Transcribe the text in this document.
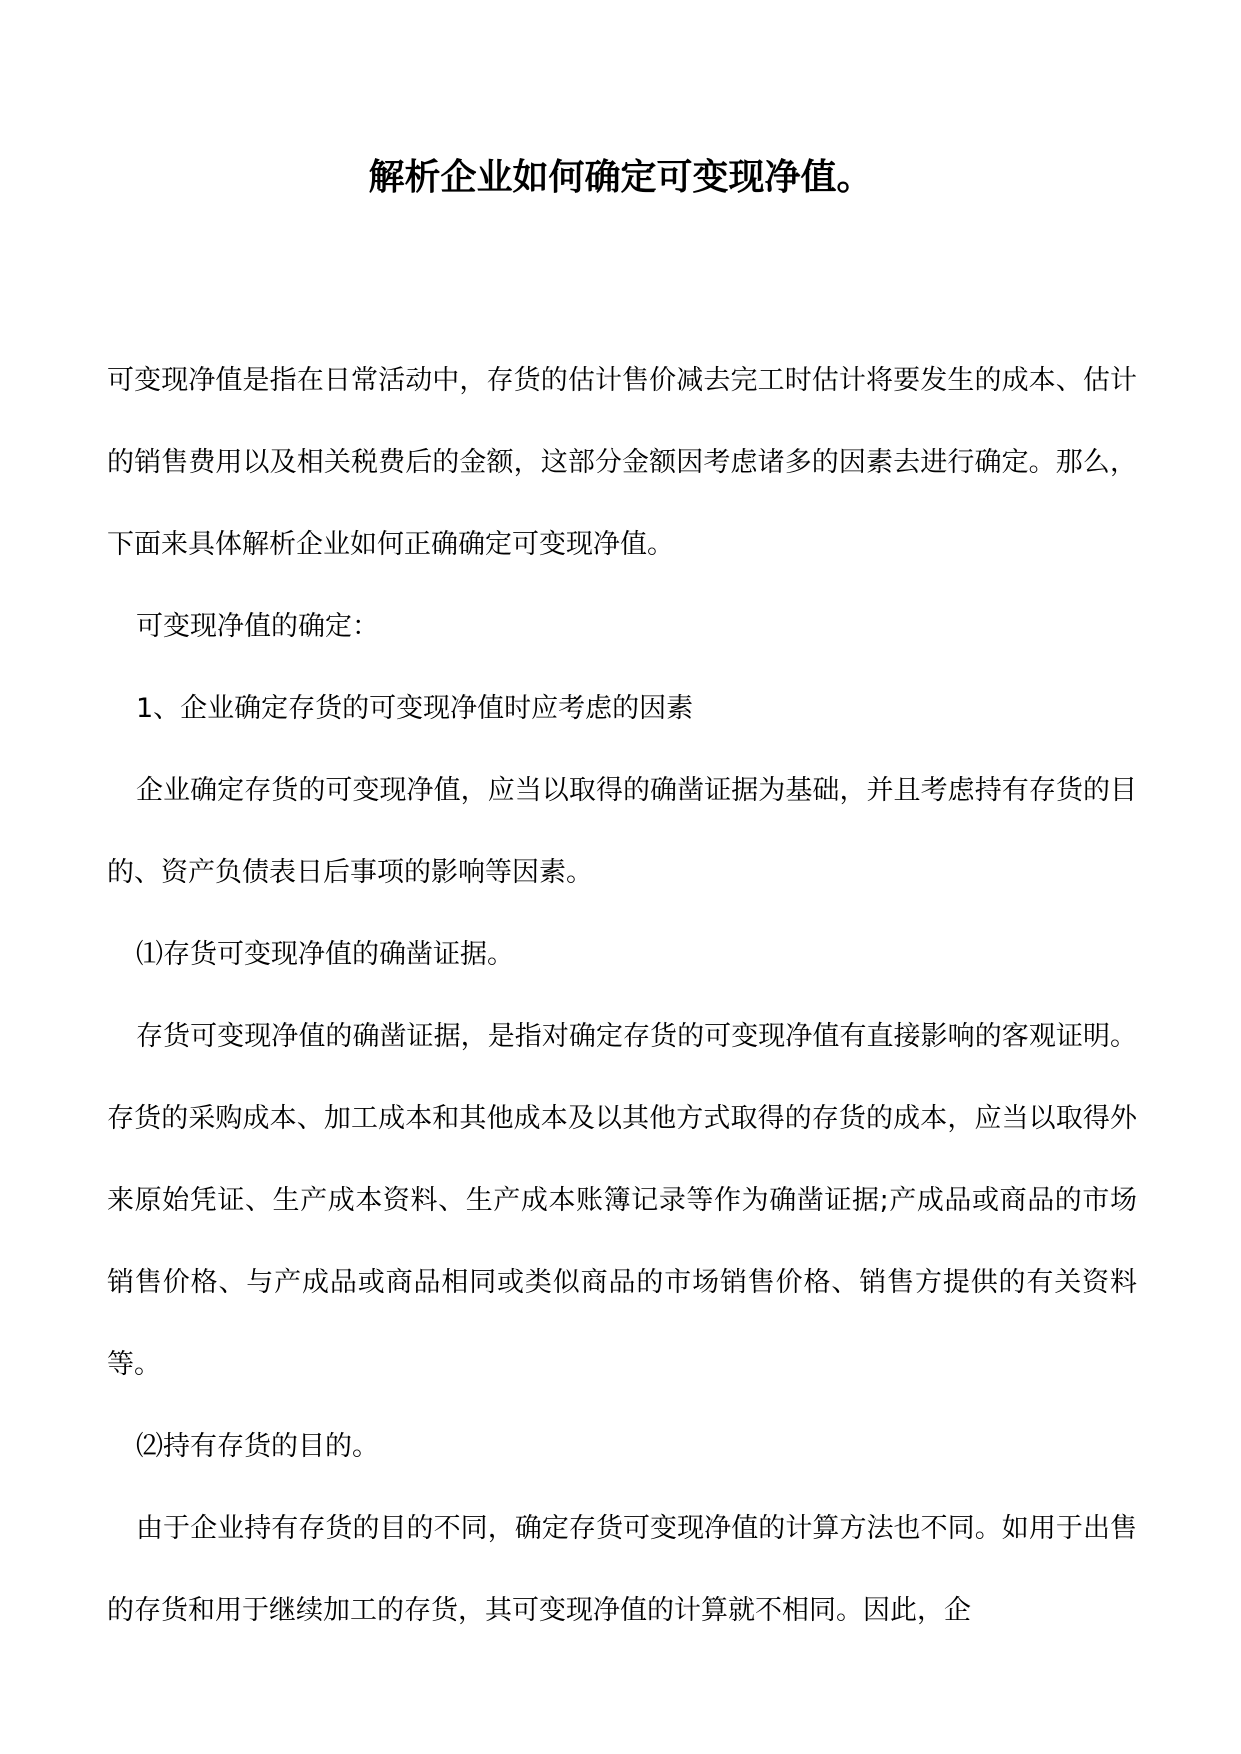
解析企业如何确定可变现净值。

可变现净值是指在日常活动中，存货的估计售价减去完工时估计将要发生的成本、估计的销售费用以及相关税费后的金额，这部分金额因考虑诸多的因素去进行确定。那么，下面来具体解析企业如何正确确定可变现净值。

可变现净值的确定：

1、企业确定存货的可变现净值时应考虑的因素

企业确定存货的可变现净值，应当以取得的确凿证据为基础，并且考虑持有存货的目的、资产负债表日后事项的影响等因素。

⑴存货可变现净值的确凿证据。

存货可变现净值的确凿证据，是指对确定存货的可变现净值有直接影响的客观证明。存货的采购成本、加工成本和其他成本及以其他方式取得的存货的成本，应当以取得外来原始凭证、生产成本资料、生产成本账簿记录等作为确凿证据;产成品或商品的市场销售价格、与产成品或商品相同或类似商品的市场销售价格、销售方提供的有关资料等。

⑵持有存货的目的。

由于企业持有存货的目的不同，确定存货可变现净值的计算方法也不同。如用于出售的存货和用于继续加工的存货，其可变现净值的计算就不相同。因此，企
